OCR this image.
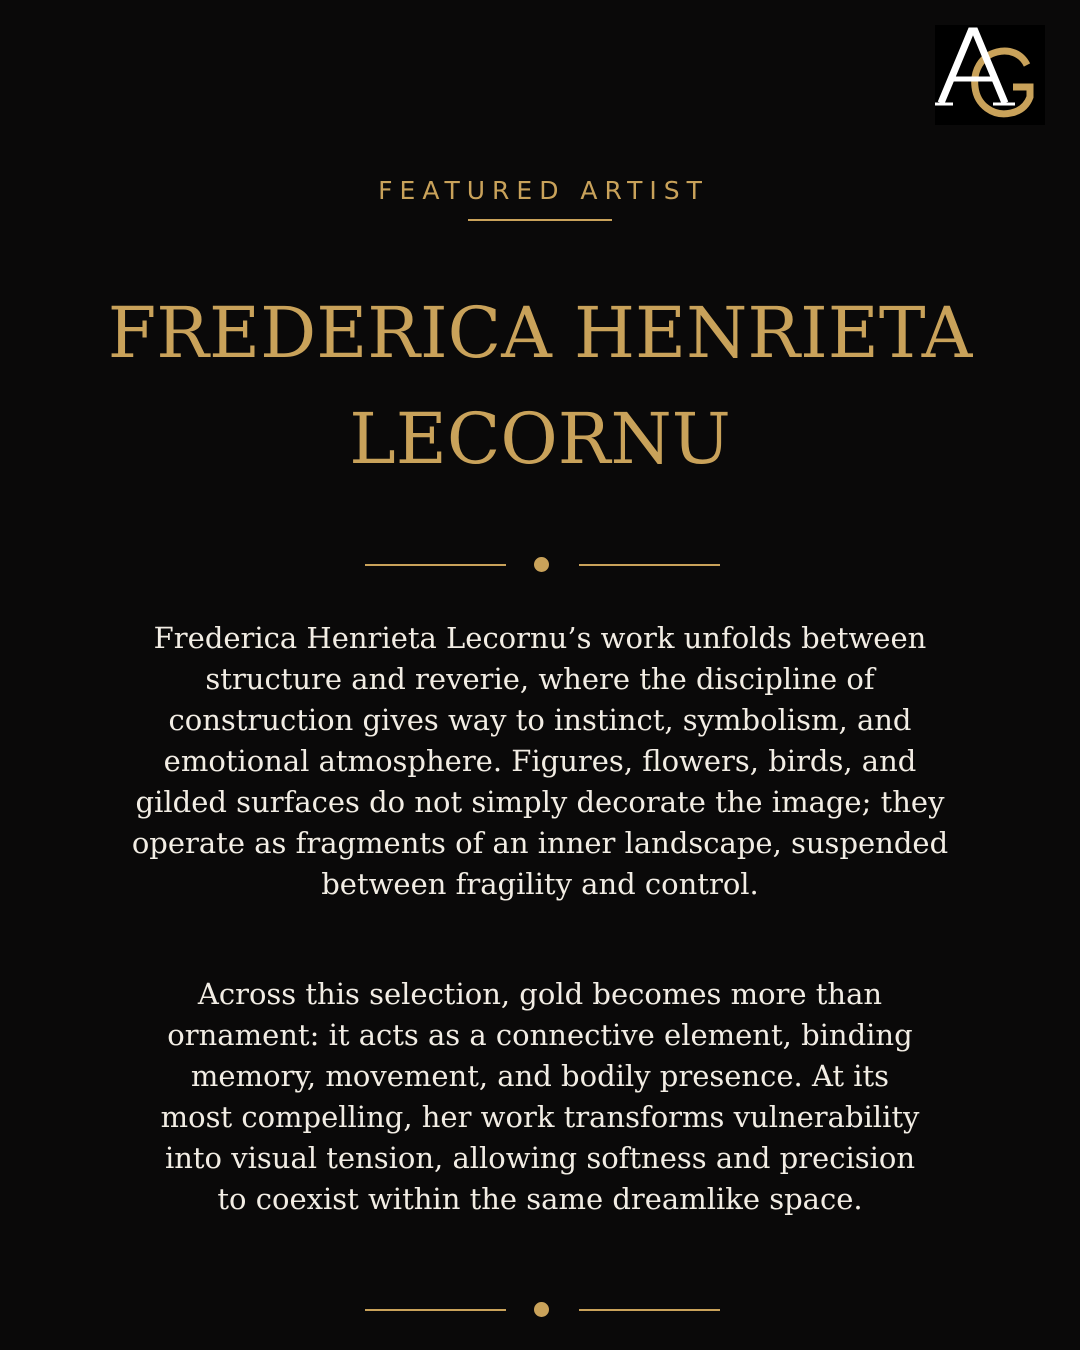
FEATURED ARTIST
FREDERICA HENRIETA
LECORNU

Frederica Henrieta Lecornu’s work unfolds between structure and reverie, where the discipline of construction gives way to instinct, symbolism, and emotional atmosphere. Figures, flowers, birds, and gilded surfaces do not simply decorate the image; they operate as fragments of an inner landscape, suspended between fragility and control.

Across this selection, gold becomes more than ornament: it acts as a connective element, binding memory, movement, and bodily presence. At its most compelling, her work transforms vulnerability into visual tension, allowing softness and precision to coexist within the same dreamlike space.
